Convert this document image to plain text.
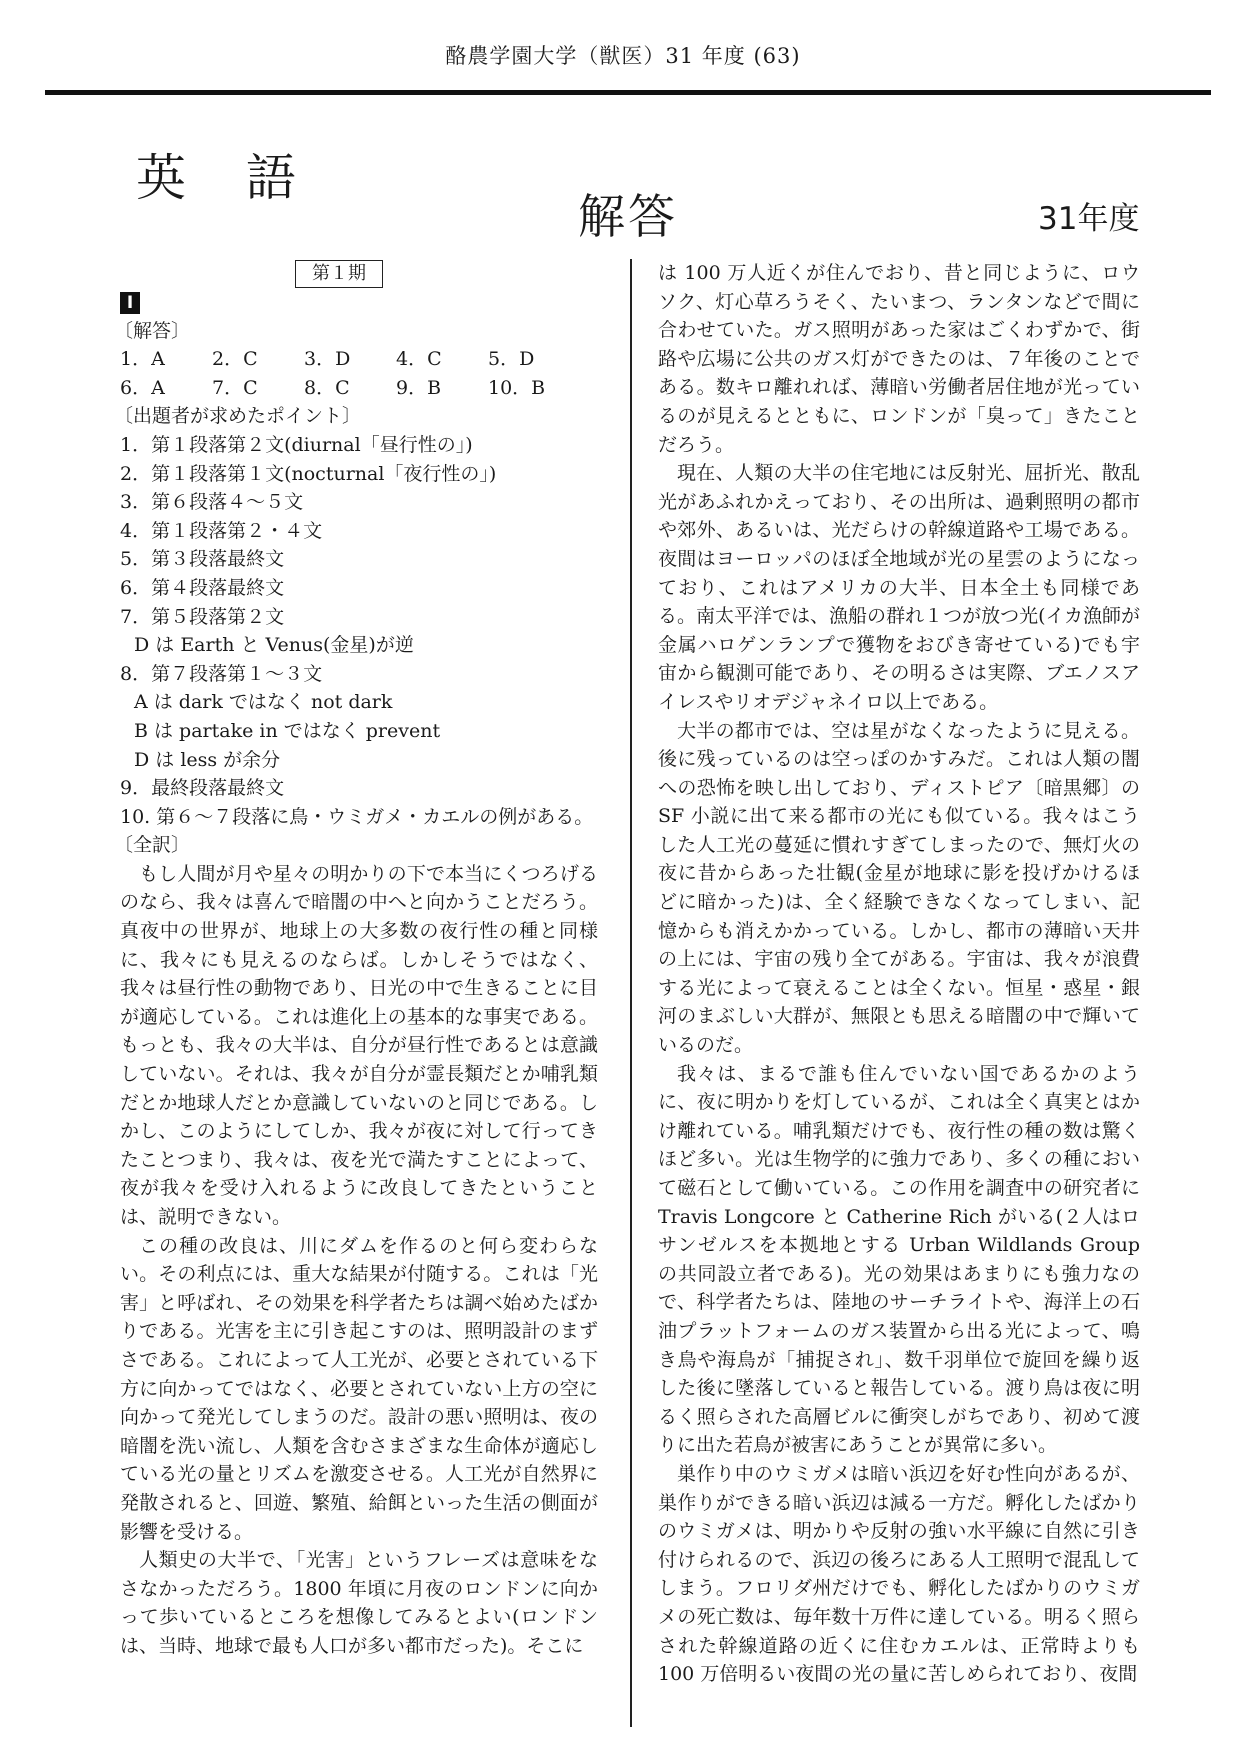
酪農学園大学（獣医）31 年度 (63)
英 語
解答	31年度
第１期
I
〔解答〕
1．A	2．C	3．D	4．C	5．D
6．A	7．C	8．C	9．B	10．B
〔出題者が求めたポイント〕
1．第１段落第２文(diurnal「昼行性の」)
2．第１段落第１文(nocturnal「夜行性の」)
3．第６段落４～５文
4．第１段落第２・４文
5．第３段落最終文
6．第４段落最終文
7．第５段落第２文
D は Earth と Venus(金星)が逆
8．第７段落第１～３文
A は dark ではなく not dark
B は partake in ではなく prevent
D は less が余分
9．最終段落最終文
10. 第６～７段落に鳥・ウミガメ・カエルの例がある。
〔全訳〕
もし人間が月や星々の明かりの下で本当にくつろげるのなら、我々は喜んで暗闇の中へと向かうことだろう。真夜中の世界が、地球上の大多数の夜行性の種と同様に、我々にも見えるのならば。しかしそうではなく、我々は昼行性の動物であり、日光の中で生きることに目が適応している。これは進化上の基本的な事実である。もっとも、我々の大半は、自分が昼行性であるとは意識していない。それは、我々が自分が霊長類だとか哺乳類だとか地球人だとか意識していないのと同じである。しかし、このようにしてしか、我々が夜に対して行ってきたことつまり、我々は、夜を光で満たすことによって、夜が我々を受け入れるように改良してきたということは、説明できない。
この種の改良は、川にダムを作るのと何ら変わらない。その利点には、重大な結果が付随する。これは「光害」と呼ばれ、その効果を科学者たちは調べ始めたばかりである。光害を主に引き起こすのは、照明設計のまずさである。これによって人工光が、必要とされている下方に向かってではなく、必要とされていない上方の空に向かって発光してしまうのだ。設計の悪い照明は、夜の暗闇を洗い流し、人類を含むさまざまな生命体が適応している光の量とリズムを激変させる。人工光が自然界に発散されると、回遊、繁殖、給餌といった生活の側面が影響を受ける。
人類史の大半で、「光害」というフレーズは意味をなさなかっただろう。1800 年頃に月夜のロンドンに向かって歩いているところを想像してみるとよい(ロンドンは、当時、地球で最も人口が多い都市だった)。そこに
は 100 万人近くが住んでおり、昔と同じように、ロウソク、灯心草ろうそく、たいまつ、ランタンなどで間に合わせていた。ガス照明があった家はごくわずかで、街路や広場に公共のガス灯ができたのは、７年後のことである。数キロ離れれば、薄暗い労働者居住地が光っているのが見えるとともに、ロンドンが「臭って」きたことだろう。
現在、人類の大半の住宅地には反射光、屈折光、散乱光があふれかえっており、その出所は、過剰照明の都市や郊外、あるいは、光だらけの幹線道路や工場である。夜間はヨーロッパのほぼ全地域が光の星雲のようになっており、これはアメリカの大半、日本全土も同様である。南太平洋では、漁船の群れ１つが放つ光(イカ漁師が金属ハロゲンランプで獲物をおびき寄せている)でも宇宙から観測可能であり、その明るさは実際、ブエノスアイレスやリオデジャネイロ以上である。
大半の都市では、空は星がなくなったように見える。後に残っているのは空っぽのかすみだ。これは人類の闇への恐怖を映し出しており、ディストピア〔暗黒郷〕の SF 小説に出て来る都市の光にも似ている。我々はこうした人工光の蔓延に慣れすぎてしまったので、無灯火の夜に昔からあった壮観(金星が地球に影を投げかけるほどに暗かった)は、全く経験できなくなってしまい、記憶からも消えかかっている。しかし、都市の薄暗い天井の上には、宇宙の残り全てがある。宇宙は、我々が浪費する光によって衰えることは全くない。恒星・惑星・銀河のまぶしい大群が、無限とも思える暗闇の中で輝いているのだ。
我々は、まるで誰も住んでいない国であるかのように、夜に明かりを灯しているが、これは全く真実とはかけ離れている。哺乳類だけでも、夜行性の種の数は驚くほど多い。光は生物学的に強力であり、多くの種において磁石として働いている。この作用を調査中の研究者に Travis Longcore と Catherine Rich がいる(２人はロサンゼルスを本拠地とする Urban Wildlands Group の共同設立者である)。光の効果はあまりにも強力なので、科学者たちは、陸地のサーチライトや、海洋上の石油プラットフォームのガス装置から出る光によって、鳴き鳥や海鳥が「捕捉され」、数千羽単位で旋回を繰り返した後に墜落していると報告している。渡り鳥は夜に明るく照らされた高層ビルに衝突しがちであり、初めて渡りに出た若鳥が被害にあうことが異常に多い。
巣作り中のウミガメは暗い浜辺を好む性向があるが、巣作りができる暗い浜辺は減る一方だ。孵化したばかりのウミガメは、明かりや反射の強い水平線に自然に引き付けられるので、浜辺の後ろにある人工照明で混乱してしまう。フロリダ州だけでも、孵化したばかりのウミガメの死亡数は、毎年数十万件に達している。明るく照らされた幹線道路の近くに住むカエルは、正常時よりも 100 万倍明るい夜間の光の量に苦しめられており、夜間
